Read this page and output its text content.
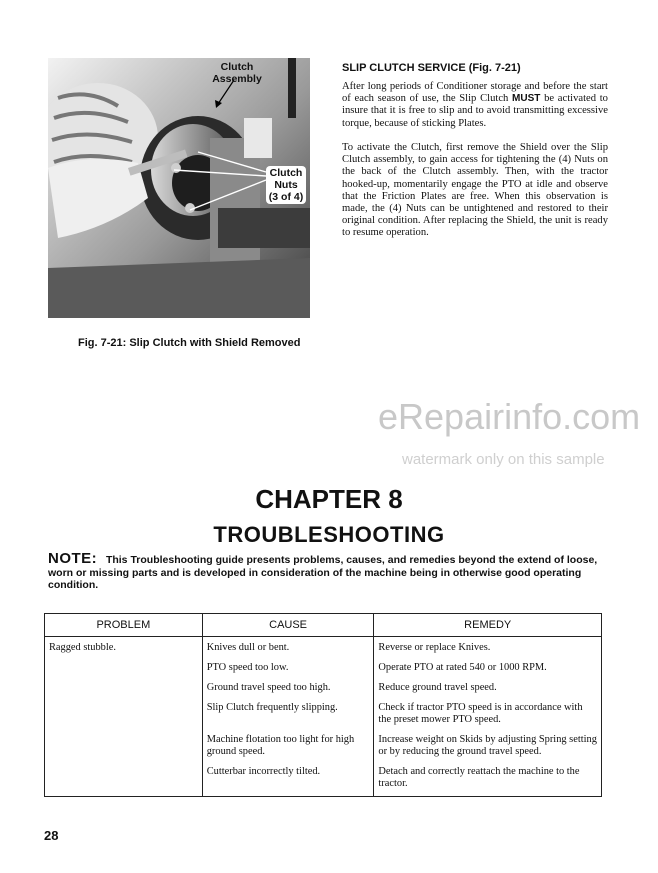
Clutch
Assembly
Clutch
Nuts
(3 of 4)
Fig. 7-21: Slip Clutch with Shield Removed
SLIP CLUTCH SERVICE (Fig. 7-21)
After long periods of Conditioner storage and before the start of each season of use, the Slip Clutch MUST be activated to insure that it is free to slip and to avoid transmitting excessive torque, because of sticking Plates.
To activate the Clutch, first remove the Shield over the Slip Clutch assembly, to gain access for tightening the (4) Nuts on the back of the Clutch assembly. Then, with the tractor hooked-up, momentarily engage the PTO at idle and observe that the Friction Plates are free. When this observation is made, the (4) Nuts can be untightened and restored to their original condition. After replacing the Shield, the unit is ready to resume operation.
eRepairinfo.com
watermark only on this sample
CHAPTER 8
TROUBLESHOOTING
NOTE: This Troubleshooting guide presents problems, causes, and remedies beyond the extend of loose, worn or missing parts and is developed in consideration of the machine being in otherwise good operating condition.
PROBLEM	CAUSE	REMEDY
Ragged stubble.	Knives dull or bent.	Reverse or replace Knives.
	PTO speed too low.	Operate PTO at rated 540 or 1000 RPM.
	Ground travel speed too high.	Reduce ground travel speed.
	Slip Clutch frequently slipping.	Check if tractor PTO speed is in accordance with the preset mower PTO speed.
	Machine flotation too light for high ground speed.	Increase weight on Skids by adjusting Spring setting or by reducing the ground travel speed.
	Cutterbar incorrectly tilted.	Detach and correctly reattach the machine to the tractor.
28
